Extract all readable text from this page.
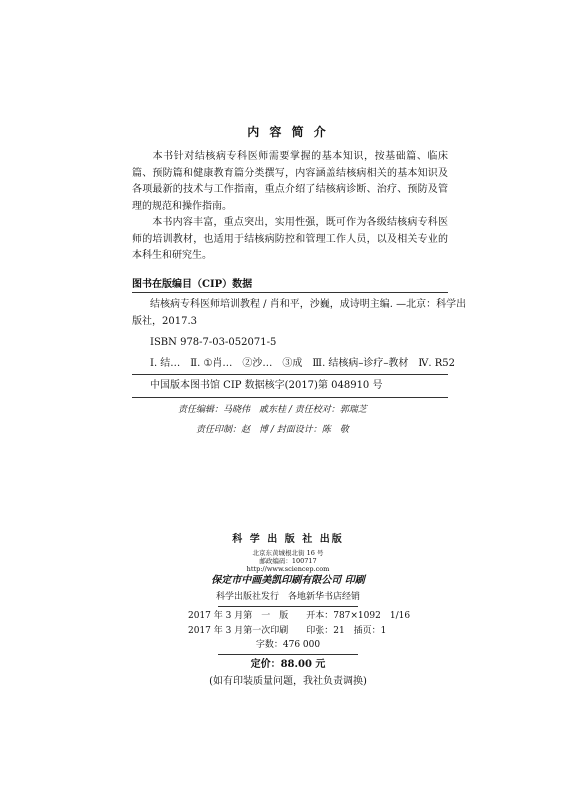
内 容 简 介
本书针对结核病专科医师需要掌握的基本知识，按基础篇、临床篇、预防篇和健康教育篇分类撰写，内容涵盖结核病相关的基本知识及各项最新的技术与工作指南，重点介绍了结核病诊断、治疗、预防及管理的规范和操作指南。
本书内容丰富，重点突出，实用性强，既可作为各级结核病专科医师的培训教材，也适用于结核病防控和管理工作人员，以及相关专业的本科生和研究生。
图书在版编目（CIP）数据
结核病专科医师培训教程 / 肖和平，沙巍，成诗明主编. —北京：科学出
版社，2017.3
ISBN 978-7-03-052071-5
Ⅰ. 结…　Ⅱ. ①肖…　②沙…　③成　Ⅲ. 结核病–诊疗–教材　Ⅳ. R52
中国版本图书馆 CIP 数据核字(2017)第 048910 号
责任编辑：马晓伟　戚东桂 / 责任校对：郭瑞芝
责任印制：赵　博 / 封面设计：陈　敬
科 学 出 版 社 出版
北京东黄城根北街 16 号
邮政编码：100717
http://www.sciencep.com
保定市中画美凯印刷有限公司 印刷
科学出版社发行　各地新华书店经销
2017 年 3 月第　一　版　　开本：787×1092　1/16
2017 年 3 月第一次印刷　　印张：21　插页：1
字数：476 000
定价：88.00 元
(如有印装质量问题，我社负责调换)
